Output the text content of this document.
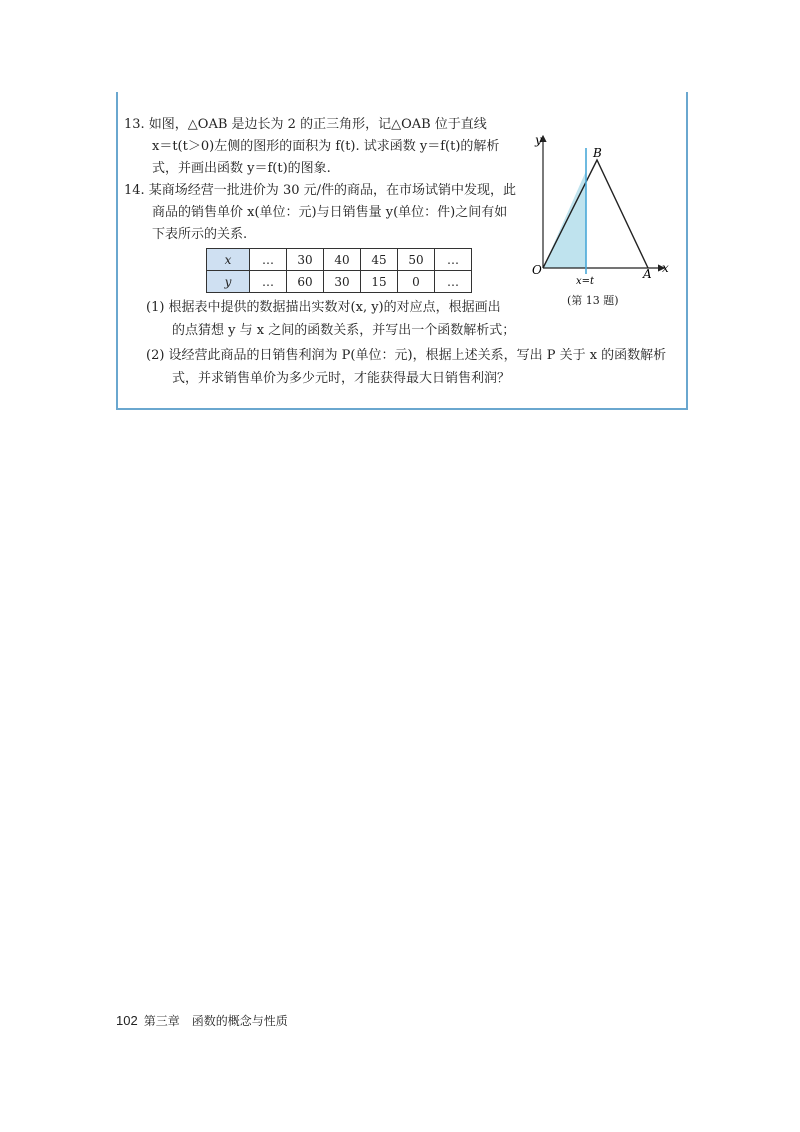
13. 如图，△OAB 是边长为 2 的正三角形，记△OAB 位于直线
x＝t(t＞0)左侧的图形的面积为 f(t). 试求函数 y＝f(t)的解析
式，并画出函数 y＝f(t)的图象.
14. 某商场经营一批进价为 30 元/件的商品，在市场试销中发现，此
商品的销售单价 x(单位：元)与日销售量 y(单位：件)之间有如
下表所示的关系.
x	…	30	40	45	50	…
y	…	60	30	15	0	…
(1) 根据表中提供的数据描出实数对(x, y)的对应点，根据画出
的点猜想 y 与 x 之间的函数关系，并写出一个函数解析式；
(2) 设经营此商品的日销售利润为 P(单位：元)，根据上述关系，写出 P 关于 x 的函数解析
式，并求销售单价为多少元时，才能获得最大日销售利润？
y
x
B
O	A
x=t
(第 13 题)
102 第三章 函数的概念与性质
